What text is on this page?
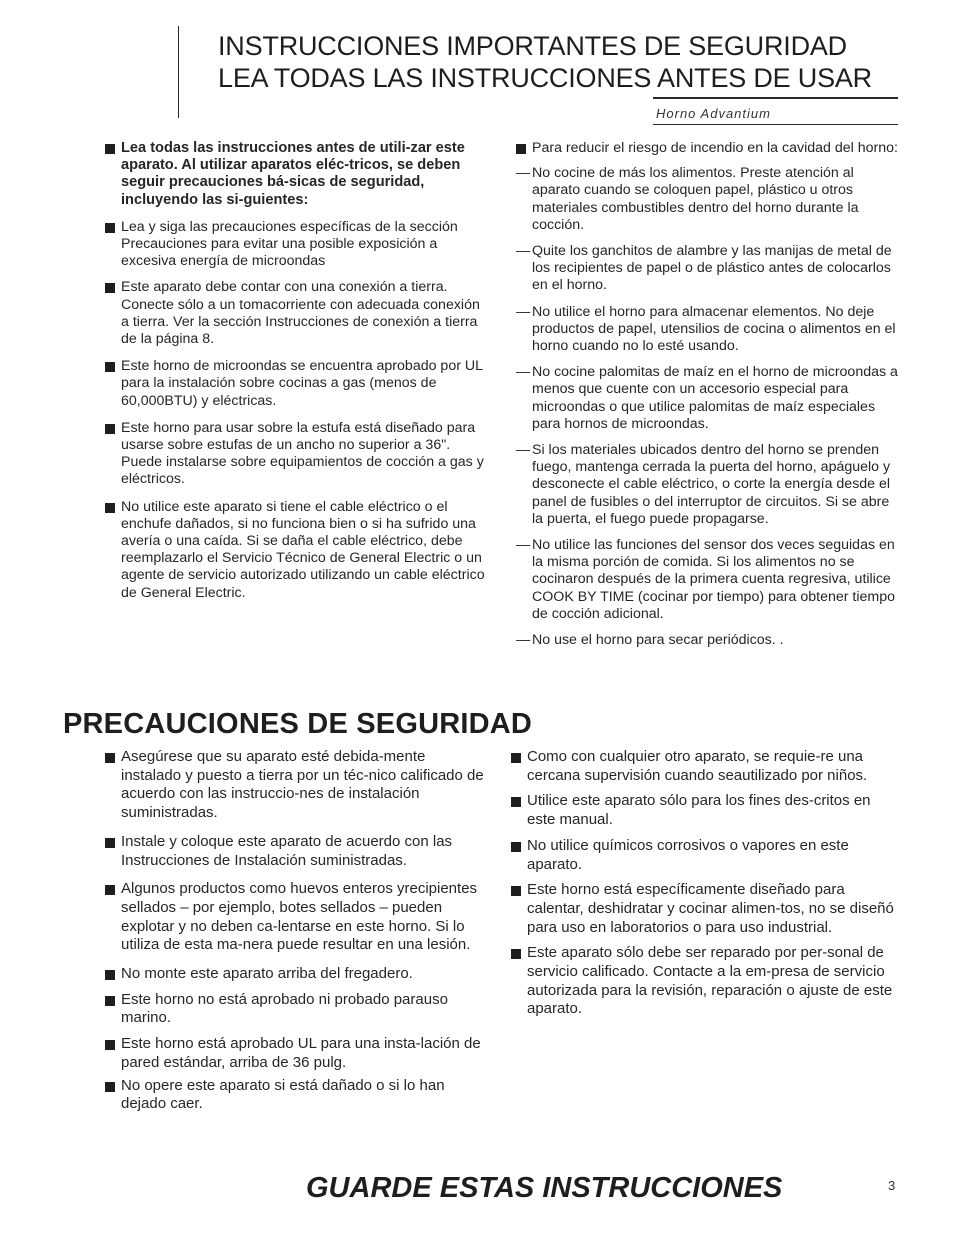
INSTRUCCIONES IMPORTANTES DE SEGURIDAD
LEA TODAS LAS INSTRUCCIONES ANTES DE USAR
Horno Advantium
Lea todas las instrucciones antes de utili-zar este aparato. Al utilizar aparatos eléc-tricos, se deben seguir precauciones bá-sicas de seguridad, incluyendo las si-guientes:
Lea y siga las precauciones específicas de la sección Precauciones para evitar una posible exposición a excesiva energía de microondas
Este aparato debe contar con una conexión a tierra. Conecte sólo a un tomacorriente con adecuada conexión a tierra. Ver la sección Instrucciones de conexión a tierra de la página 8.
Este horno de microondas se encuentra aprobado por UL para la instalación sobre cocinas a gas (menos de 60,000BTU) y eléctricas.
Este horno para usar sobre la estufa está diseñado para usarse sobre estufas de un ancho no superior a 36". Puede instalarse sobre equipamientos de cocción a gas y eléctricos.
No utilice este aparato si tiene el cable eléctrico o el enchufe dañados, si no funciona bien o si ha sufrido una avería o una caída. Si se daña el cable eléctrico, debe reemplazarlo el Servicio Técnico de General Electric o un agente de servicio autorizado utilizando un cable eléctrico de General Electric.
Para reducir el riesgo de incendio en la cavidad del horno:
— No cocine de más los alimentos. Preste atención al aparato cuando se coloquen papel, plástico u otros materiales combustibles dentro del horno durante la cocción.
— Quite los ganchitos de alambre y las manijas de metal de los recipientes de papel o de plástico antes de colocarlos en el horno.
— No utilice el horno para almacenar elementos. No deje productos de papel, utensilios de cocina o alimentos en el horno cuando no lo esté usando.
— No cocine palomitas de maíz en el horno de microondas a menos que cuente con un accesorio especial para microondas o que utilice palomitas de maíz especiales para hornos de microondas.
— Si los materiales ubicados dentro del horno se prenden fuego, mantenga cerrada la puerta del horno, apáguelo y desconecte el cable eléctrico, o corte la energía desde el panel de fusibles o del interruptor de circuitos. Si se abre la puerta, el fuego puede propagarse.
— No utilice las funciones del sensor dos veces seguidas en la misma porción de comida. Si los alimentos no se cocinaron después de la primera cuenta regresiva, utilice COOK BY TIME (cocinar por tiempo) para obtener tiempo de cocción adicional.
— No use el horno para secar periódicos. .
PRECAUCIONES DE SEGURIDAD
Asegúrese que su aparato esté debida-mente instalado y puesto a tierra por un téc-nico calificado de acuerdo con las instruccio-nes de instalación suministradas.
Instale y coloque este aparato de acuerdo con las Instrucciones de Instalación suministradas.
Algunos productos como huevos enteros yrecipientes sellados – por ejemplo, botes sellados – pueden explotar y no deben ca-lentarse en este horno. Si lo utiliza de esta ma-nera puede resultar en una lesión.
No monte este aparato arriba del fregadero.
Este horno no está aprobado ni probado parauso marino.
Este horno está aprobado UL para una insta-lación de pared estándar, arriba de 36 pulg.
No opere este aparato si está dañado o si lo han dejado caer.
Como con cualquier otro aparato, se requie-re una cercana supervisión cuando seautilizado por niños.
Utilice este aparato sólo para los fines des-critos en este manual.
No utilice químicos corrosivos o vapores en este aparato.
Este horno está específicamente diseñado para calentar, deshidratar y cocinar alimen-tos, no se diseñó para uso en laboratorios o para uso industrial.
Este aparato sólo debe ser reparado por per-sonal de servicio calificado. Contacte a la em-presa de servicio autorizada para la revisión, reparación o ajuste de este aparato.
GUARDE ESTAS INSTRUCCIONES	3
